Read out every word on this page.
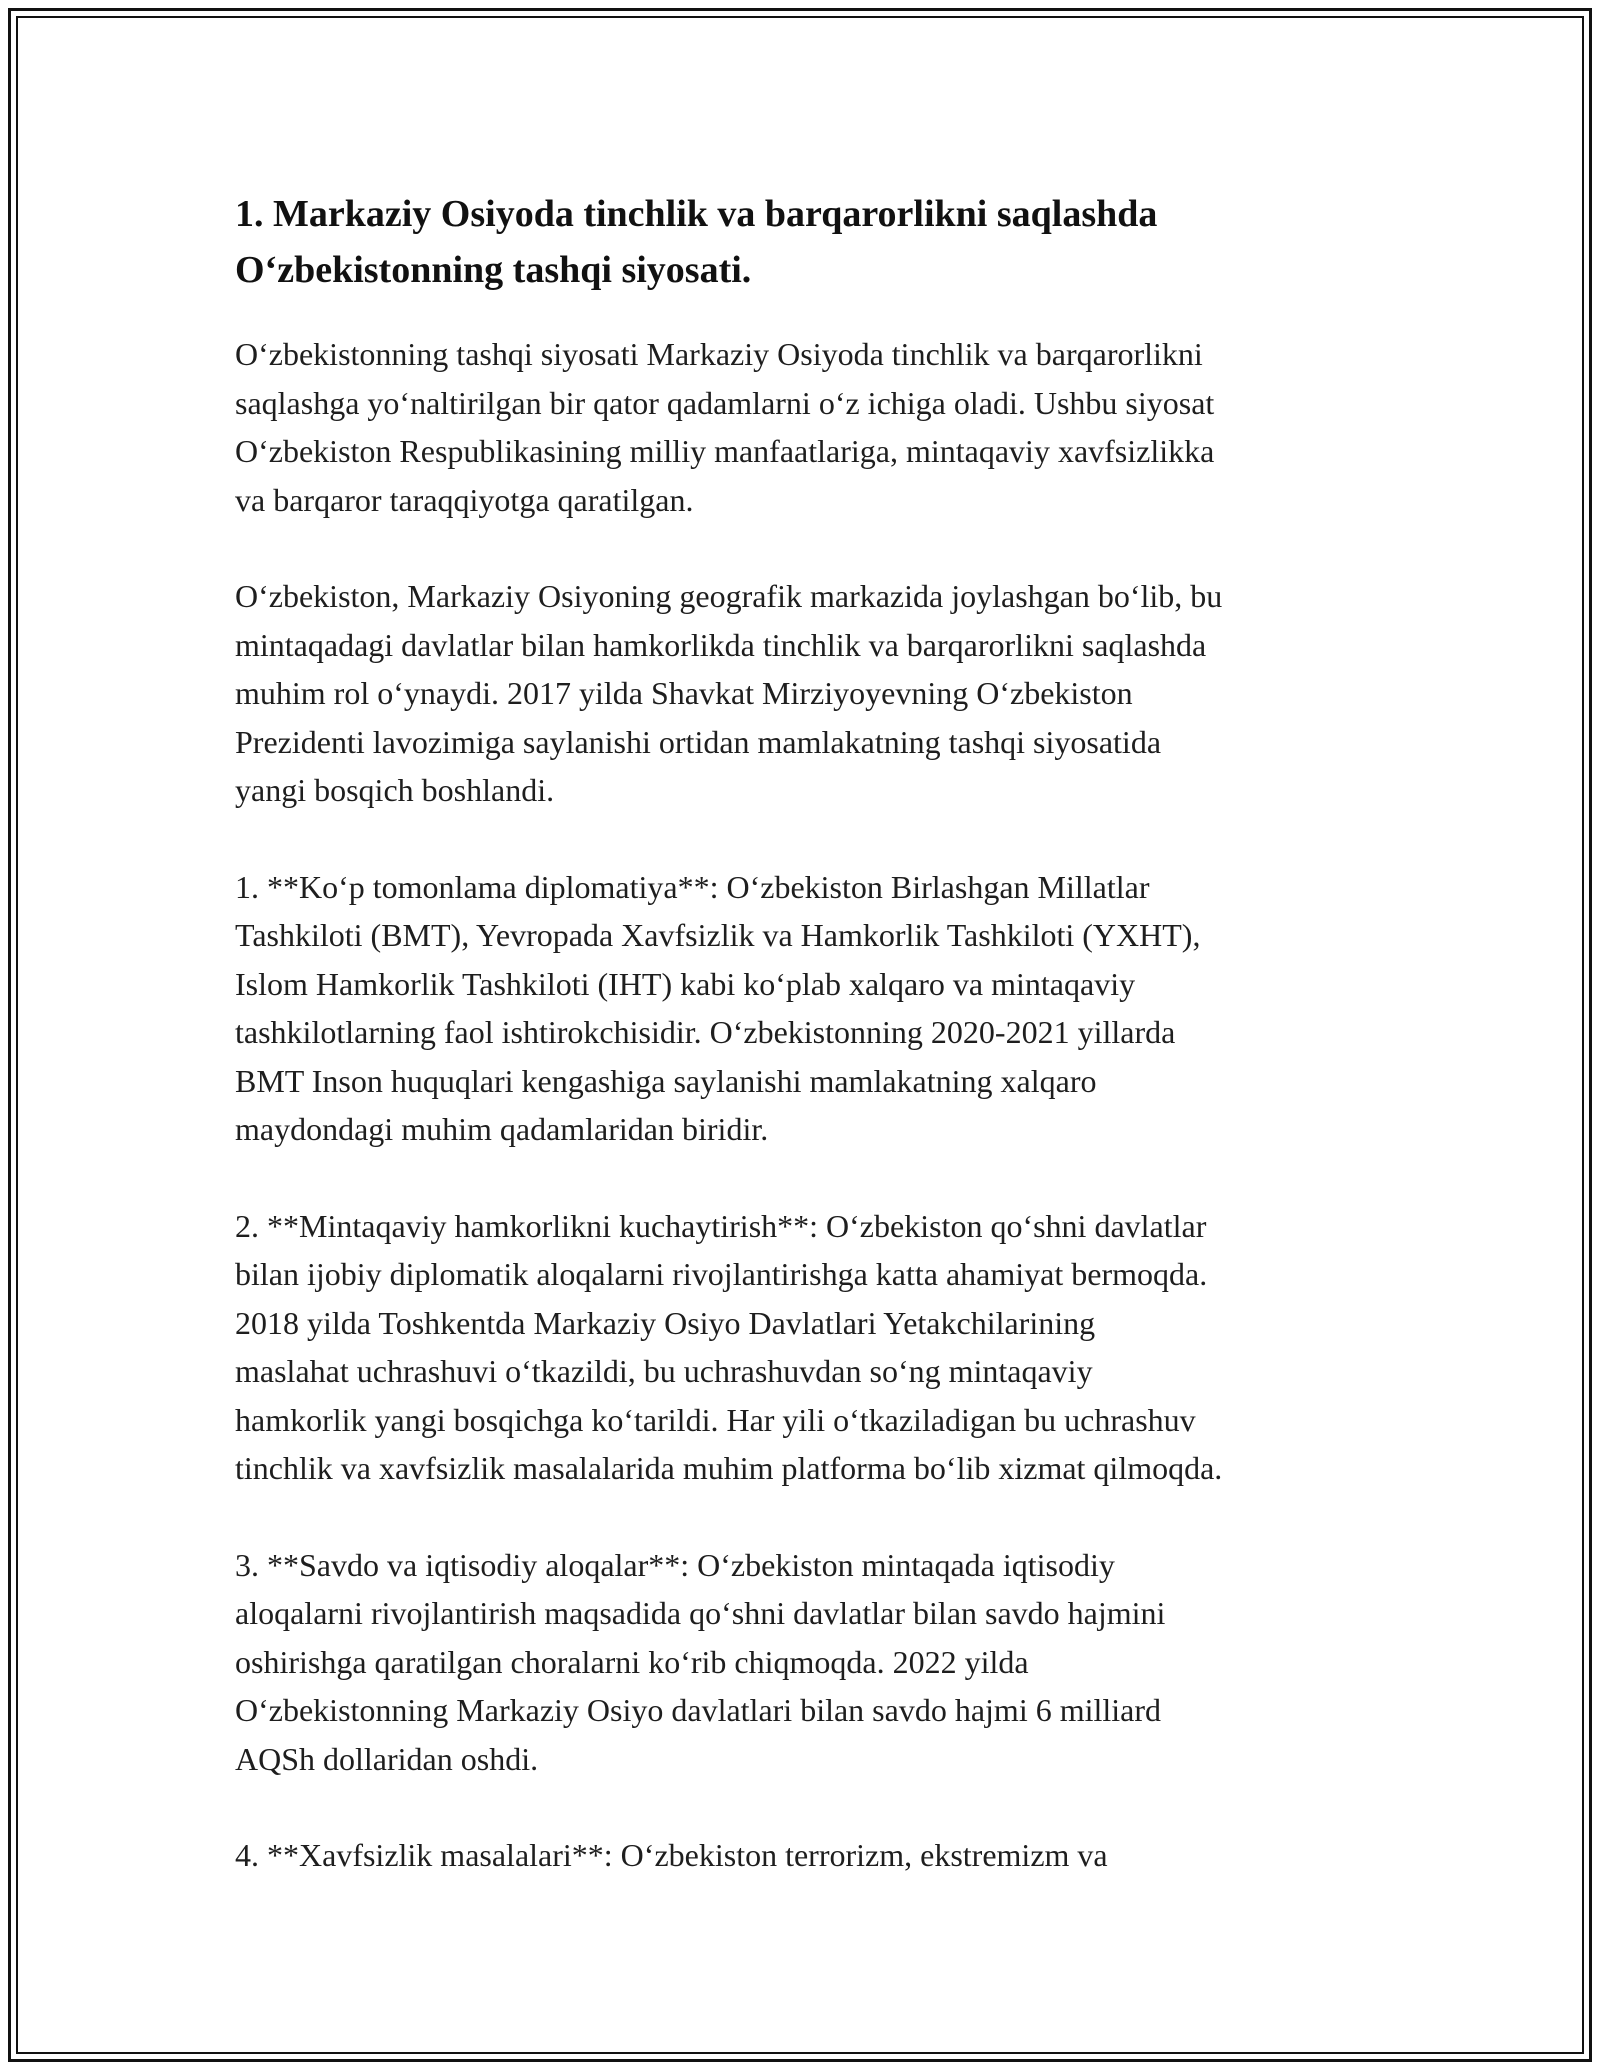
1. Markaziy Osiyoda tinchlik va barqarorlikni saqlashda
O‘zbekistonning tashqi siyosati.

O‘zbekistonning tashqi siyosati Markaziy Osiyoda tinchlik va barqarorlikni
saqlashga yo‘naltirilgan bir qator qadamlarni o‘z ichiga oladi. Ushbu siyosat
O‘zbekiston Respublikasining milliy manfaatlariga, mintaqaviy xavfsizlikka
va barqaror taraqqiyotga qaratilgan.

O‘zbekiston, Markaziy Osiyoning geografik markazida joylashgan bo‘lib, bu
mintaqadagi davlatlar bilan hamkorlikda tinchlik va barqarorlikni saqlashda
muhim rol o‘ynaydi. 2017 yilda Shavkat Mirziyoyevning O‘zbekiston
Prezidenti lavozimiga saylanishi ortidan mamlakatning tashqi siyosatida
yangi bosqich boshlandi.

1. **Ko‘p tomonlama diplomatiya**: O‘zbekiston Birlashgan Millatlar
Tashkiloti (BMT), Yevropada Xavfsizlik va Hamkorlik Tashkiloti (YXHT),
Islom Hamkorlik Tashkiloti (IHT) kabi ko‘plab xalqaro va mintaqaviy
tashkilotlarning faol ishtirokchisidir. O‘zbekistonning 2020-2021 yillarda
BMT Inson huquqlari kengashiga saylanishi mamlakatning xalqaro
maydondagi muhim qadamlaridan biridir.

2. **Mintaqaviy hamkorlikni kuchaytirish**: O‘zbekiston qo‘shni davlatlar
bilan ijobiy diplomatik aloqalarni rivojlantirishga katta ahamiyat bermoqda.
2018 yilda Toshkentda Markaziy Osiyo Davlatlari Yetakchilarining
maslahat uchrashuvi o‘tkazildi, bu uchrashuvdan so‘ng mintaqaviy
hamkorlik yangi bosqichga ko‘tarildi. Har yili o‘tkaziladigan bu uchrashuv
tinchlik va xavfsizlik masalalarida muhim platforma bo‘lib xizmat qilmoqda.

3. **Savdo va iqtisodiy aloqalar**: O‘zbekiston mintaqada iqtisodiy
aloqalarni rivojlantirish maqsadida qo‘shni davlatlar bilan savdo hajmini
oshirishga qaratilgan choralarni ko‘rib chiqmoqda. 2022 yilda
O‘zbekistonning Markaziy Osiyo davlatlari bilan savdo hajmi 6 milliard
AQSh dollaridan oshdi.

4. **Xavfsizlik masalalari**: O‘zbekiston terrorizm, ekstremizm va
